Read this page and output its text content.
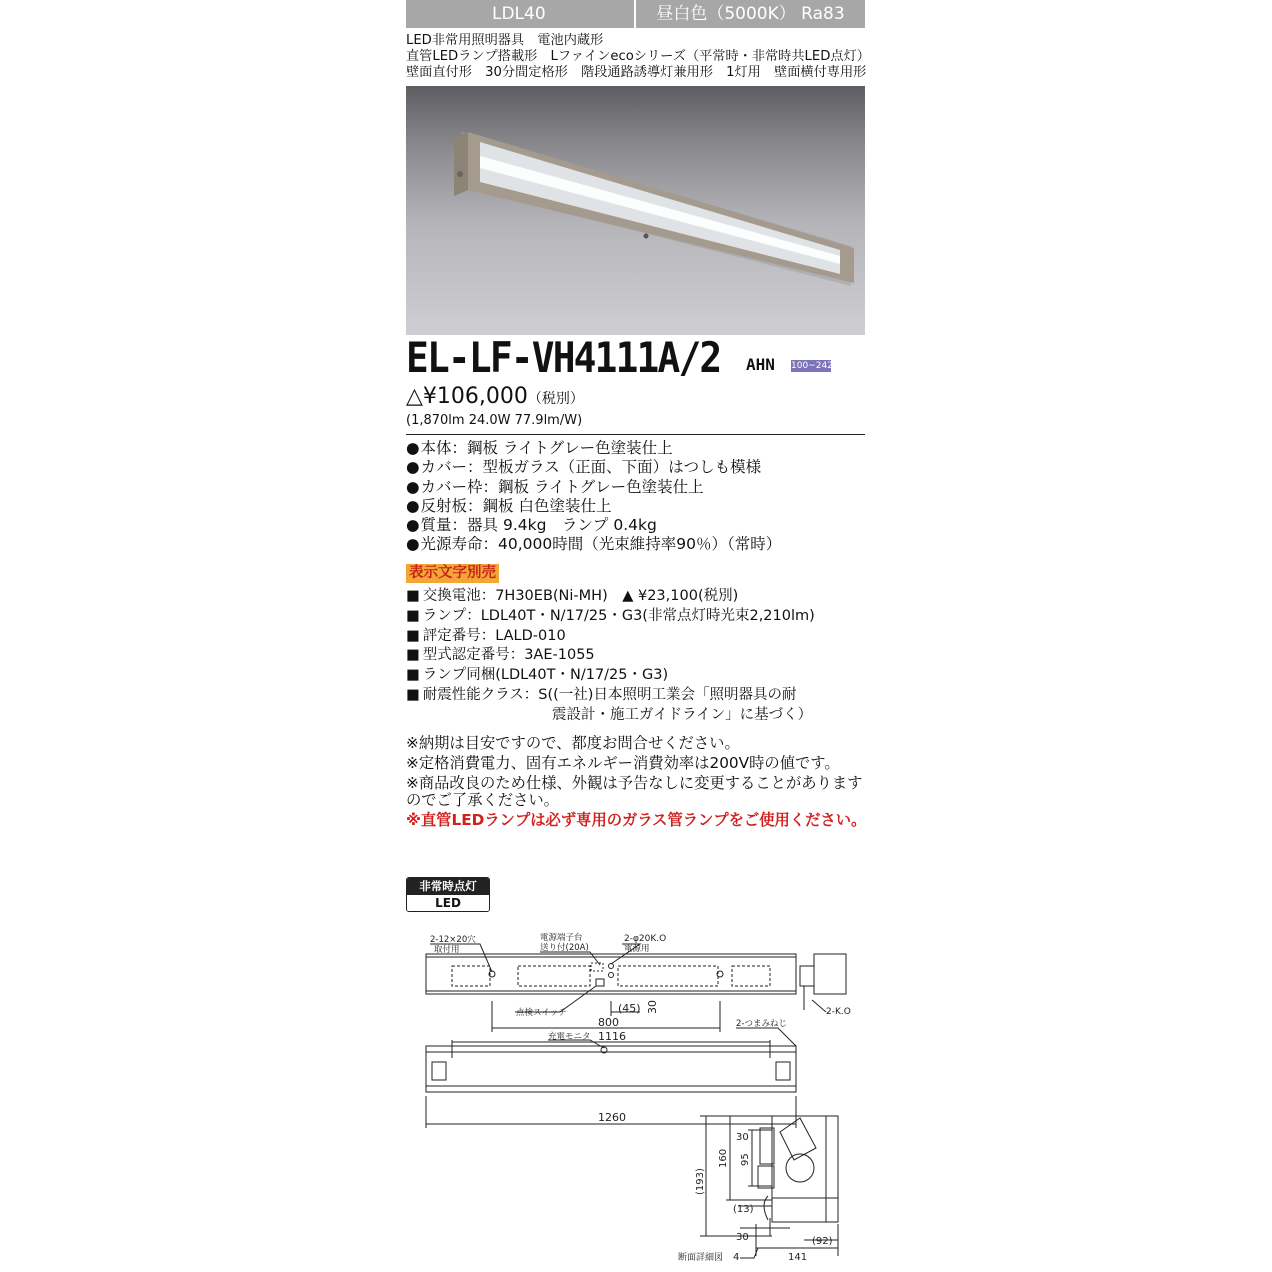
LDL40	昼白色（5000K） Ra83
LED非常用照明器具　電池内蔵形
直管LEDランプ搭載形　Lファインecoシリーズ（平常時・非常時共LED点灯）
壁面直付形　30分間定格形　階段通路誘導灯兼用形　1灯用　壁面横付専用形
EL-LF-VH4111A/2 AHN 100~242
△¥106,000（税別）
(1,870lm 24.0W 77.9lm/W)
● 本体：鋼板 ライトグレー色塗装仕上
● カバー：型板ガラス（正面、下面）はつしも模様
● カバー枠：鋼板 ライトグレー色塗装仕上
● 反射板：鋼板 白色塗装仕上
● 質量：器具 9.4kg　ランプ 0.4kg
● 光源寿命：40,000時間（光束維持率90％）（常時）
表示文字別売
■ 交換電池：7H30EB(Ni-MH)　▲ ¥23,100(税別)
■ ランプ：LDL40T・N/17/25・G3(非常点灯時光束2,210lm)
■ 評定番号：LALD-010
■ 型式認定番号：3AE-1055
■ ランプ同梱(LDL40T・N/17/25・G3)
■ 耐震性能クラス：S((一社)日本照明工業会「照明器具の耐
震設計・施工ガイドライン」に基づく）

※納期は目安ですので、都度お問合せください。

※定格消費電力、固有エネルギー消費効率は200V時の値です。

※商品改良のため仕様、外観は予告なしに変更することがありますのでご了承ください。

※直管LEDランプは必ず専用のガラス管ランプをご使用ください。

非常時点灯
LED
2-12×20穴
取付用
電源端子台
送り付(20A)
2-φ20K.O
電源用
点検スイッチ	(45) 30
800	2-つまみねじ
充電モニタ 1116
1260
2-K.O
(193)
160 95
30
(13)
30
4	141
(92)
断面詳細図
